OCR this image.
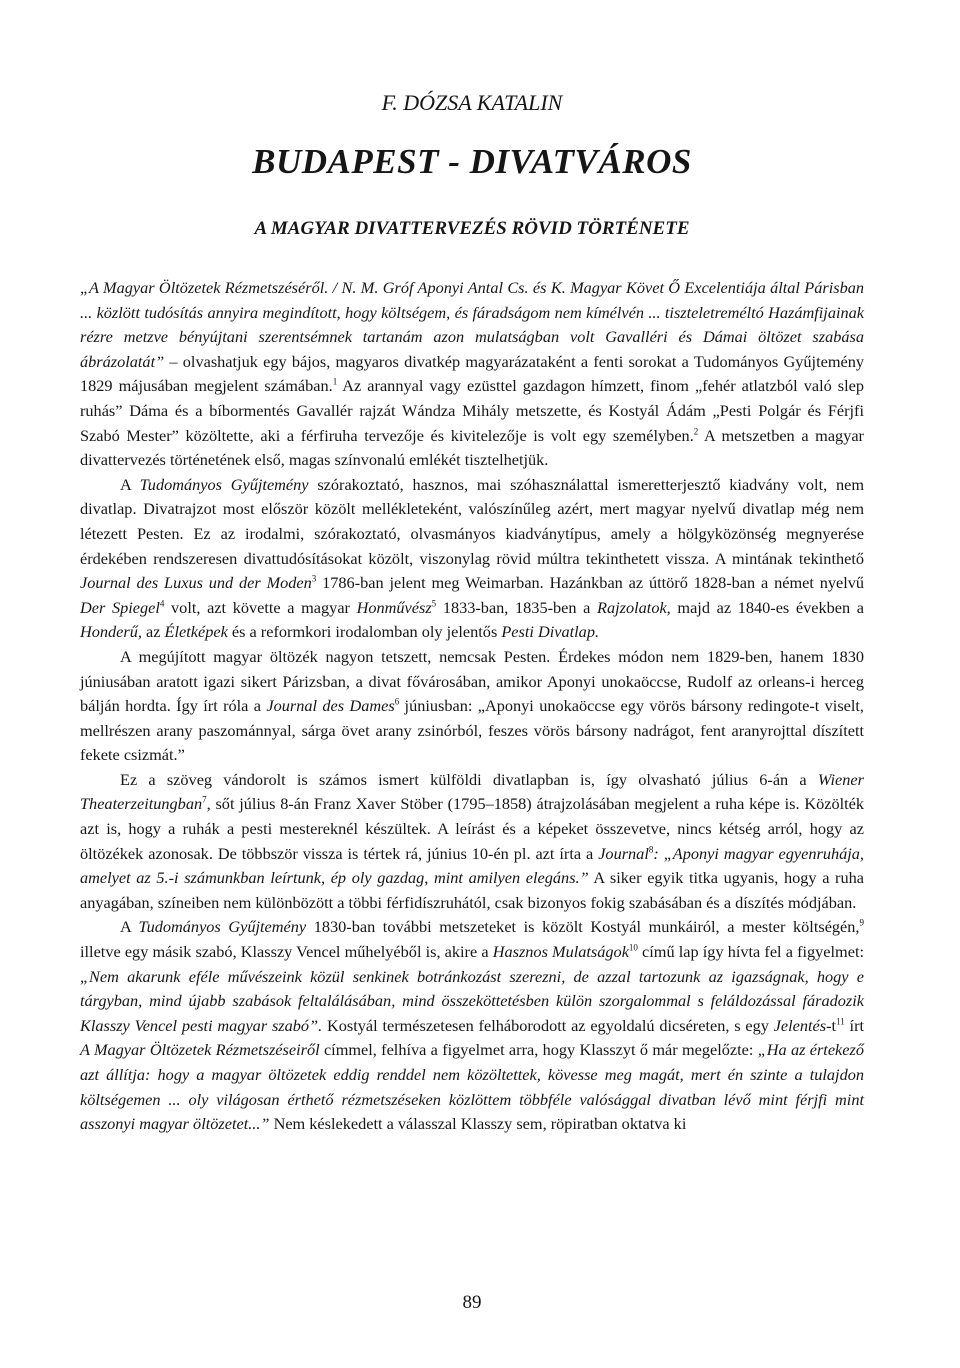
F. DÓZSA KATALIN

BUDAPEST - DIVATVÁROS
A MAGYAR DIVATTERVEZÉS RÖVID TÖRTÉNETE

„A Magyar Öltözetek Rézmetszéséről. / N. M. Gróf Aponyi Antal Cs. és K. Magyar Követ Ő Excelentiája által Párisban ... közlött tudósítás annyira megindított, hogy költségem, és fáradságom nem kímélvén ... tiszteletreméltó Hazámfijainak rézre metzve bényújtani szerentsémnek tartanám azon mulatságban volt Gavalléri és Dámai öltözet szabása ábrázolatát” – olvashatjuk egy bájos, magyaros divatkép magyarázataként a fenti sorokat a Tudományos Gyűjtemény 1829 májusában megjelent számában.$^1$ Az arannyal vagy ezüsttel gazdagon hímzett, finom „fehér atlatzból való slep ruhás” Dáma és a bíbormentés Gavallér rajzát Wándza Mihály metszette, és Kostyál Ádám „Pesti Polgár és Férjfi Szabó Mester” közöltette, aki a férfiruha tervezője és kivitelezője is volt egy személyben.$^2$ A metszetben a magyar divattervezés történetének első, magas színvonalú emlékét tisztelhetjük.

A Tudományos Gyűjtemény szórakoztató, hasznos, mai szóhasználattal ismeretterjesztő kiadvány volt, nem divatlap. Divatrajzot most először közölt mellékleteként, valószínűleg azért, mert magyar nyelvű divatlap még nem létezett Pesten. Ez az irodalmi, szórakoztató, olvasmányos kiadványtípus, amely a hölgyközönség megnyerése érdekében rendszeresen divattudósításokat közölt, viszonylag rövid múltra tekinthetett vissza. A mintának tekinthető Journal des Luxus und der Moden$^3$ 1786-ban jelent meg Weimarban. Hazánkban az úttörő 1828-ban a német nyelvű Der Spiegel$^4$ volt, azt követte a magyar Honművész$^5$ 1833-ban, 1835-ben a Rajzolatok, majd az 1840-es években a Honderű, az Életképek és a reformkori irodalomban oly jelentős Pesti Divatlap.

A megújított magyar öltözék nagyon tetszett, nemcsak Pesten. Érdekes módon nem 1829-ben, hanem 1830 júniusában aratott igazi sikert Párizsban, a divat fővárosában, amikor Aponyi unokaöccse, Rudolf az orleans-i herceg bálján hordta. Így írt róla a Journal des Dames$^6$ júniusban: „Aponyi unokaöccse egy vörös bársony redingote-t viselt, mellrészen arany paszománnyal, sárga övet arany zsinórból, feszes vörös bársony nadrágot, fent aranyrojttal díszített fekete csizmát.”

Ez a szöveg vándorolt is számos ismert külföldi divatlapban is, így olvasható július 6-án a Wiener Theaterzeitungban$^7$, sőt július 8-án Franz Xaver Stöber (1795–1858) átrajzolásában megjelent a ruha képe is. Közölték azt is, hogy a ruhák a pesti mestereknél készültek. A leírást és a képeket összevetve, nincs kétség arról, hogy az öltözékek azonosak. De többször vissza is tértek rá, június 10-én pl. azt írta a Journal$^8$: „Aponyi magyar egyenruhája, amelyet az 5.-i számunkban leírtunk, ép oly gazdag, mint amilyen elegáns.” A siker egyik titka ugyanis, hogy a ruha anyagában, színeiben nem különbözött a többi férfidíszruhától, csak bizonyos fokig szabásában és a díszítés módjában.

A Tudományos Gyűjtemény 1830-ban további metszeteket is közölt Kostyál munkáiról, a mester költségén,$^9$ illetve egy másik szabó, Klasszy Vencel műhelyéből is, akire a Hasznos Mulatságok$^{10}$ című lap így hívta fel a figyelmet: „Nem akarunk eféle művészeink közül senkinek botránkozást szerezni, de azzal tartozunk az igazságnak, hogy e tárgyban, mind újabb szabások feltalálásában, mind összeköttetésben külön szorgalommal s feláldozással fáradozik Klasszy Vencel pesti magyar szabó”. Kostyál természetesen felháborodott az egyoldalú dicséreten, s egy Jelentés-t$^{11}$ írt A Magyar Öltözetek Rézmetszéseiről címmel, felhíva a figyelmet arra, hogy Klasszyt ő már megelőzte: „Ha az értekező azt állítja: hogy a magyar öltözetek eddig renddel nem közöltettek, kövesse meg magát, mert én szinte a tulajdon költségemen ... oly világosan érthető rézmetszéseken közlöttem többféle valósággal divatban lévő mint férjfi mint asszonyi magyar öltözetet...” Nem késlekedett a válasszal Klasszy sem, röpiratban oktatva ki

89
